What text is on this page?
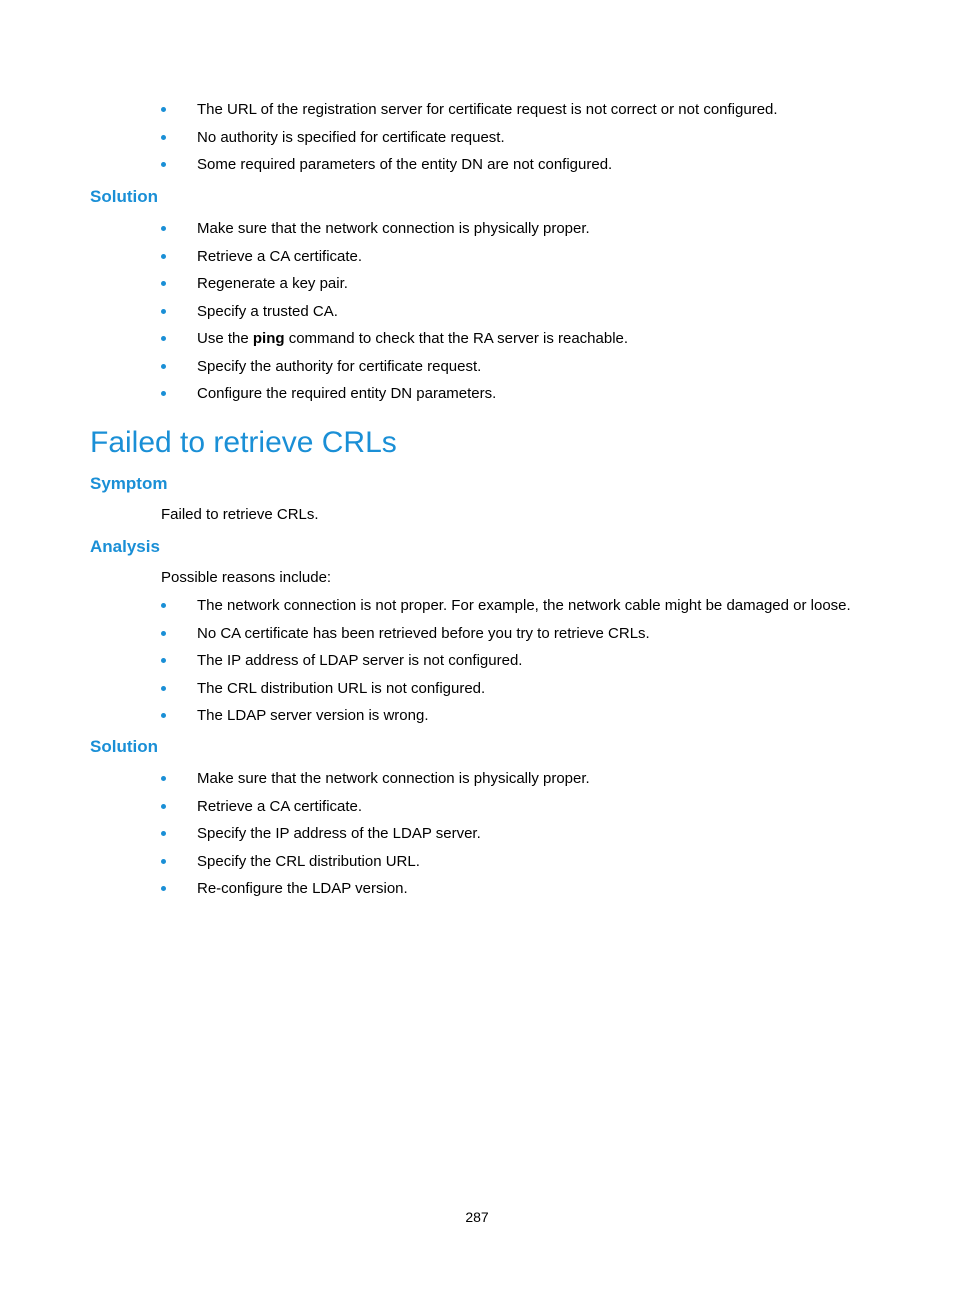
The URL of the registration server for certificate request is not correct or not configured.
No authority is specified for certificate request.
Some required parameters of the entity DN are not configured.
Solution
Make sure that the network connection is physically proper.
Retrieve a CA certificate.
Regenerate a key pair.
Specify a trusted CA.
Use the ping command to check that the RA server is reachable.
Specify the authority for certificate request.
Configure the required entity DN parameters.
Failed to retrieve CRLs
Symptom

Failed to retrieve CRLs.

Analysis

Possible reasons include:

The network connection is not proper. For example, the network cable might be damaged or loose.
No CA certificate has been retrieved before you try to retrieve CRLs.
The IP address of LDAP server is not configured.
The CRL distribution URL is not configured.
The LDAP server version is wrong.
Solution
Make sure that the network connection is physically proper.
Retrieve a CA certificate.
Specify the IP address of the LDAP server.
Specify the CRL distribution URL.
Re-configure the LDAP version.
287
